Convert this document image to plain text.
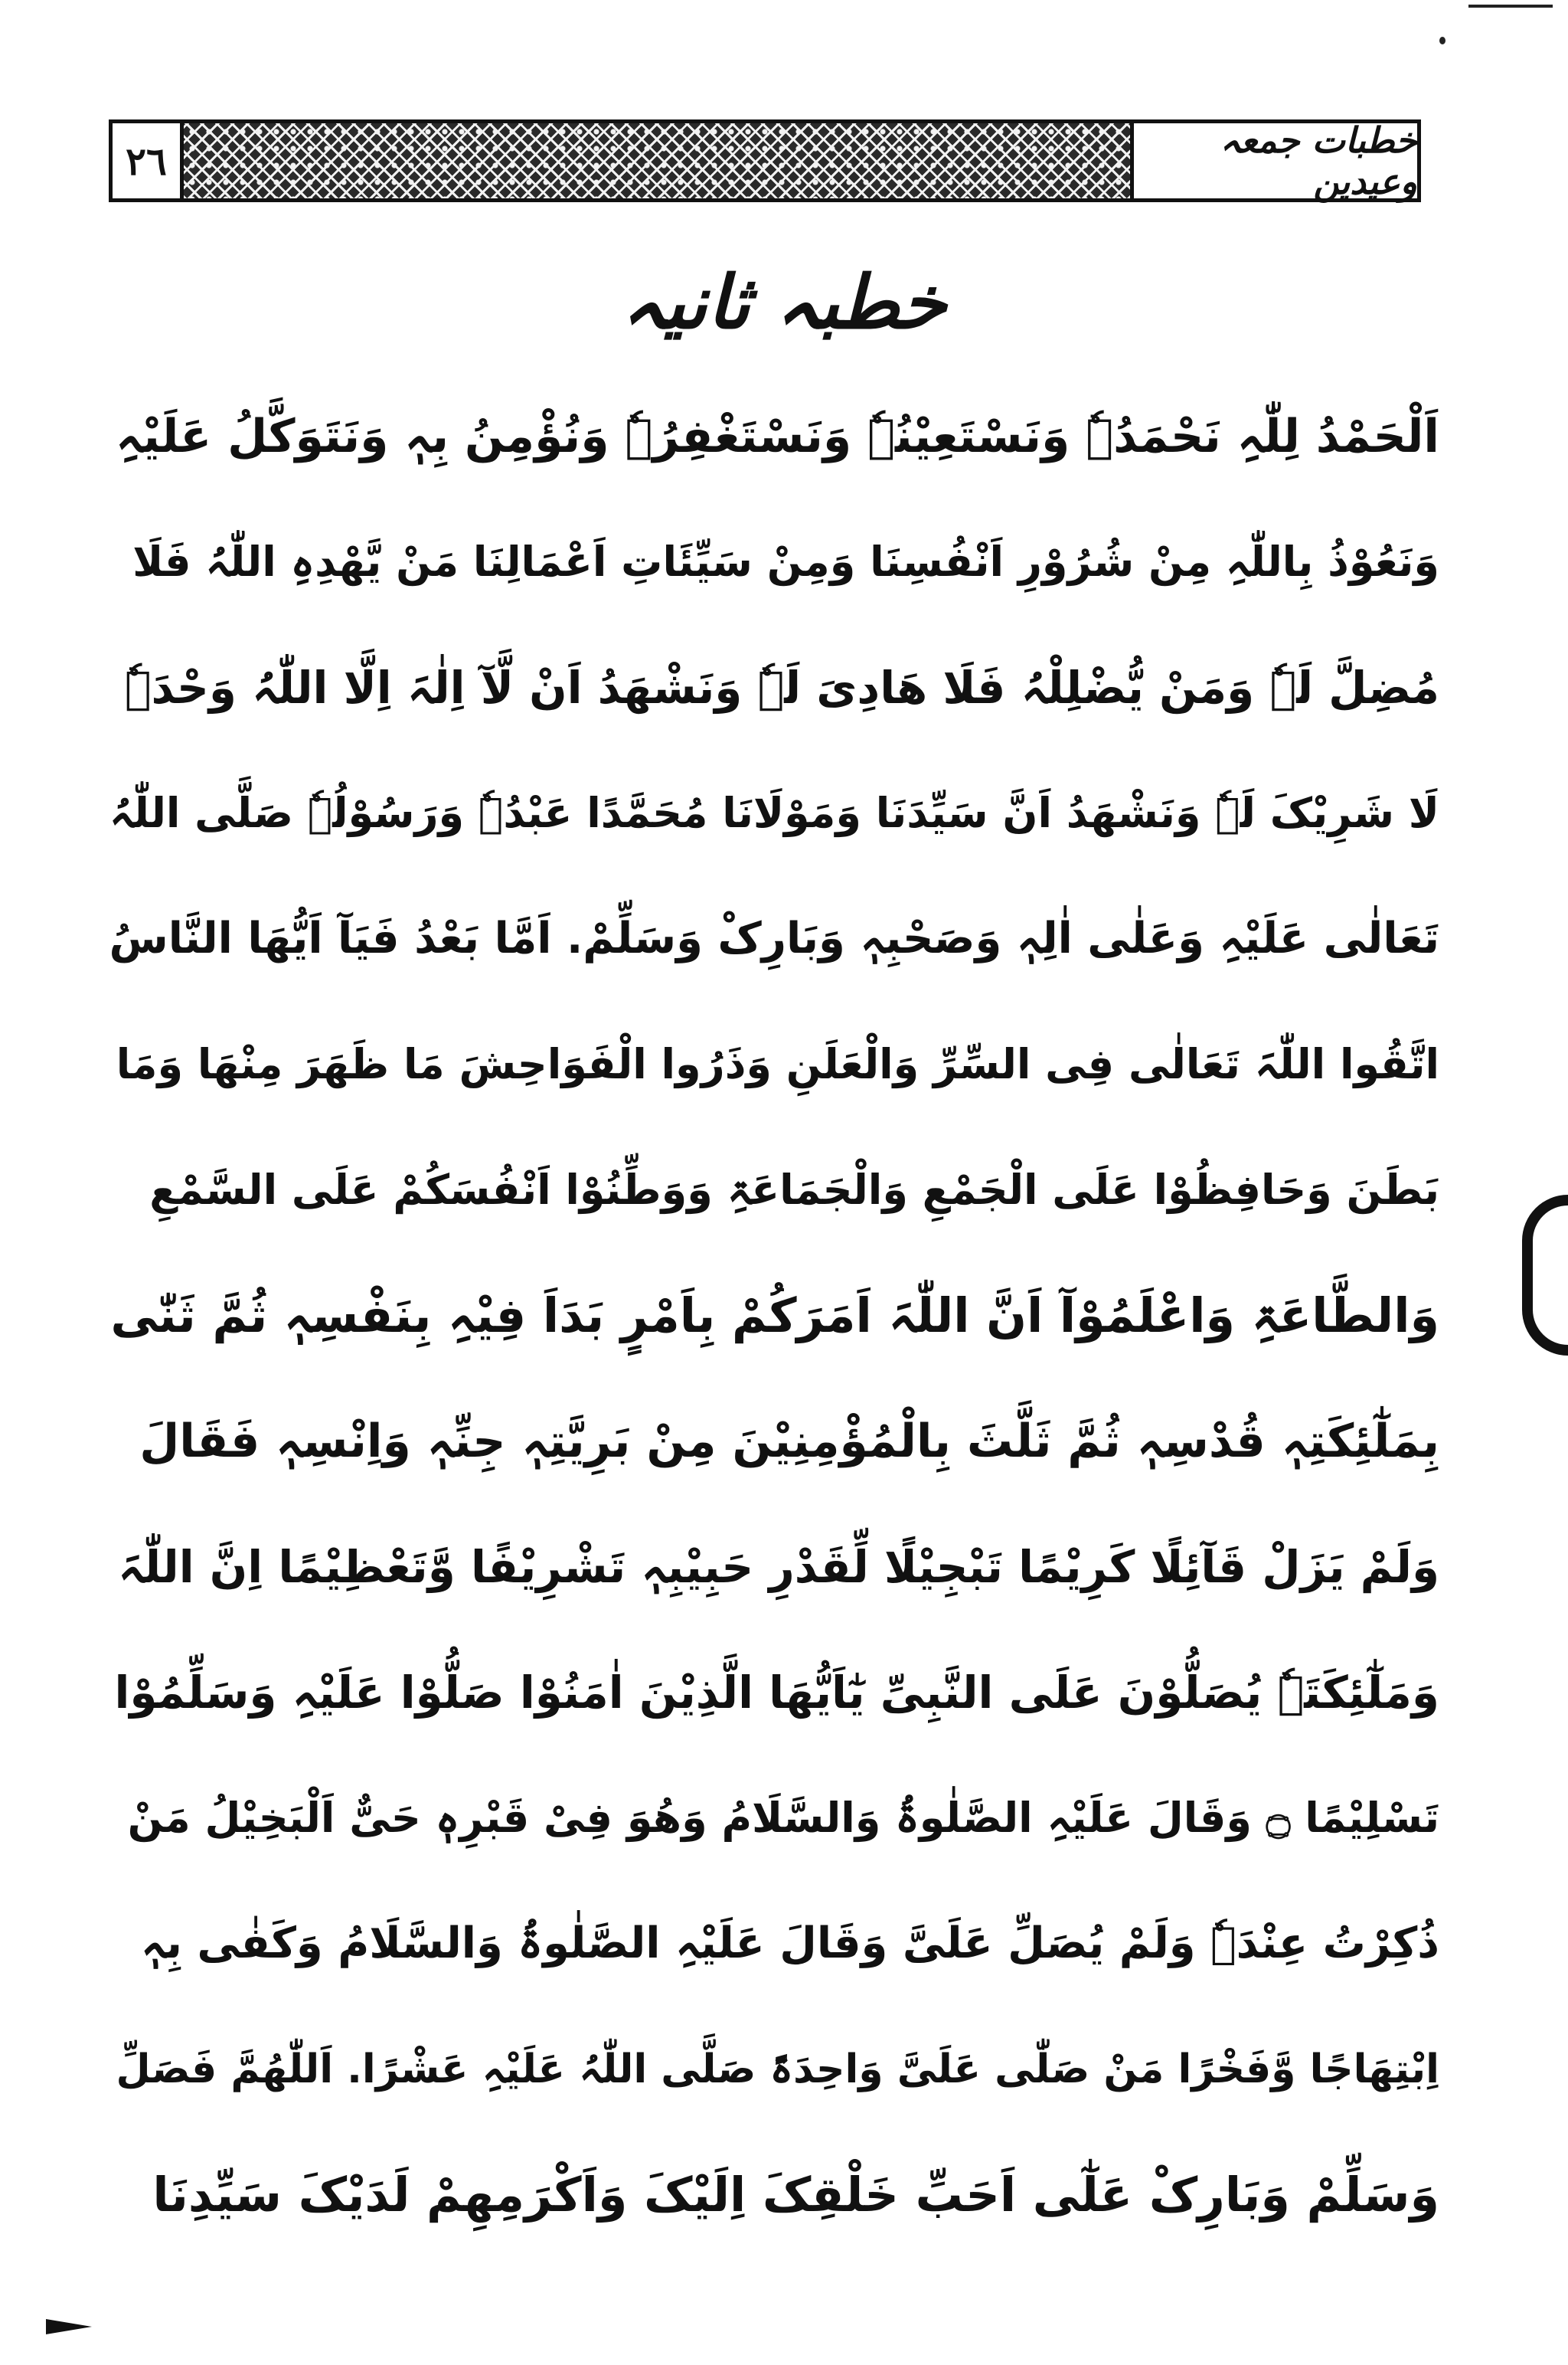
٢٦	خطبات جمعہ وعیدین
خطبہ ثانیہ
اَلْحَمْدُ لِلّٰہِ نَحْمَدُہٗ وَنَسْتَعِیْنُہٗ وَنَسْتَغْفِرُہٗ وَنُؤْمِنُ بِہٖ وَنَتَوَکَّلُ عَلَیْہِ
وَنَعُوْذُ بِاللّٰہِ مِنْ شُرُوْرِ اَنْفُسِنَا وَمِنْ سَیِّئَاتِ اَعْمَالِنَا مَنْ یَّھْدِہِ اللّٰہُ فَلَا
مُضِلَّ لَہٗ وَمَنْ یُّضْلِلْہُ فَلَا ھَادِیَ لَہٗ وَنَشْھَدُ اَنْ لَّآ اِلٰہَ اِلَّا اللّٰہُ وَحْدَہٗ
لَا شَرِیْکَ لَہٗ وَنَشْھَدُ اَنَّ سَیِّدَنَا وَمَوْلَانَا مُحَمَّدًا عَبْدُہٗ وَرَسُوْلُہٗ صَلَّی اللّٰہُ
تَعَالٰی عَلَیْہِ وَعَلٰی اٰلِہٖ وَصَحْبِہٖ وَبَارِکْ وَسَلِّمْ. اَمَّا بَعْدُ فَیَآ اَیُّھَا النَّاسُ
اتَّقُوا اللّٰہَ تَعَالٰی فِی السِّرِّ وَالْعَلَنِ وَذَرُوا الْفَوَاحِشَ مَا ظَھَرَ مِنْھَا وَمَا
بَطَنَ وَحَافِظُوْا عَلَی الْجَمْعِ وَالْجَمَاعَۃِ وَوَطِّنُوْا اَنْفُسَکُمْ عَلَی السَّمْعِ
وَالطَّاعَۃِ وَاعْلَمُوْآ اَنَّ اللّٰہَ اَمَرَکُمْ بِاَمْرٍ بَدَاَ فِیْہِ بِنَفْسِہٖ ثُمَّ ثَنّٰی
بِمَلٰٓئِکَتِہٖ قُدْسِہٖ ثُمَّ ثَلَّثَ بِالْمُؤْمِنِیْنَ مِنْ بَرِیَّتِہٖ جِنِّہٖ وَاِنْسِہٖ فَقَالَ
وَلَمْ یَزَلْ قَآئِلًا کَرِیْمًا تَبْجِیْلًا لِّقَدْرِ حَبِیْبِہٖ تَشْرِیْفًا وَّتَعْظِیْمًا اِنَّ اللّٰہَ
وَمَلٰٓئِکَتَہٗ یُصَلُّوْنَ عَلَی النَّبِیِّ یٰٓاَیُّھَا الَّذِیْنَ اٰمَنُوْا صَلُّوْا عَلَیْہِ وَسَلِّمُوْا
تَسْلِیْمًا ۝ وَقَالَ عَلَیْہِ الصَّلٰوۃُ وَالسَّلَامُ وَھُوَ فِیْ قَبْرِہٖ حَیٌّ اَلْبَخِیْلُ مَنْ
ذُکِرْتُ عِنْدَہٗ وَلَمْ یُصَلِّ عَلَیَّ وَقَالَ عَلَیْہِ الصَّلٰوۃُ وَالسَّلَامُ وَکَفٰی بِہٖ
اِبْتِھَاجًا وَّفَخْرًا مَنْ صَلّٰی عَلَیَّ وَاحِدَۃً صَلَّی اللّٰہُ عَلَیْہِ عَشْرًا. اَللّٰھُمَّ فَصَلِّ
وَسَلِّمْ وَبَارِکْ عَلٰٓی اَحَبِّ خَلْقِکَ اِلَیْکَ وَاَکْرَمِھِمْ لَدَیْکَ سَیِّدِنَا
